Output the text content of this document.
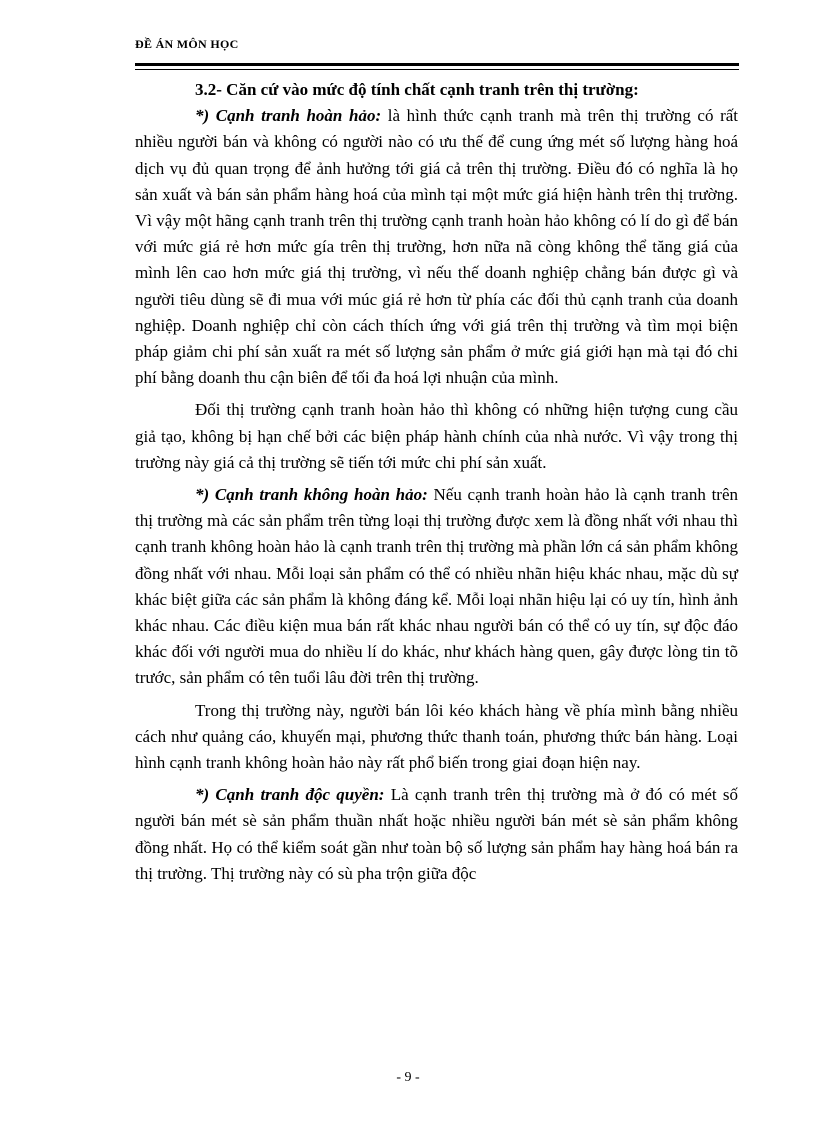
ĐỀ ÁN MÔN HỌC
3.2- Căn cứ vào mức độ tính chất cạnh tranh trên thị trường:

*) Cạnh tranh hoàn hảo: là hình thức cạnh tranh mà trên thị trường có rất nhiều người bán và không có người nào có ưu thế để cung ứng mét số lượng hàng hoá dịch vụ đủ quan trọng để ảnh hưởng tới giá cả trên thị trường. Điều đó có nghĩa là họ sản xuất và bán sản phẩm hàng hoá của mình tại một mức giá hiện hành trên thị trường. Vì vậy một hãng cạnh tranh trên thị trường cạnh tranh hoàn hảo không có lí do gì để bán với mức giá rẻ hơn mức gía trên thị trường, hơn nữa nã còng không thể tăng giá của mình lên cao hơn mức giá thị trường, vì nếu thế doanh nghiệp chẳng bán được gì và người tiêu dùng sẽ đi mua với múc giá rẻ hơn từ phía các đối thủ cạnh tranh của doanh nghiệp. Doanh nghiệp chỉ còn cách thích ứng với giá trên thị trường và tìm mọi biện pháp giảm chi phí sản xuất ra mét số lượng sản phẩm ở mức giá giới hạn mà tại đó chi phí bằng doanh thu cận biên để tối đa hoá lợi nhuận của mình.

Đối thị trường cạnh tranh hoàn hảo thì không có những hiện tượng cung cầu giả tạo, không bị hạn chế bởi các biện pháp hành chính của nhà nước. Vì vậy trong thị trường này giá cả thị trường sẽ tiến tới mức chi phí sản xuất.

*) Cạnh tranh không hoàn hảo: Nếu cạnh tranh hoàn hảo là cạnh tranh trên thị trường mà các sản phẩm trên từng loại thị trường được xem là đồng nhất với nhau thì cạnh tranh không hoàn hảo là cạnh tranh trên thị trường mà phần lớn cá sản phẩm không đồng nhất với nhau. Mỗi loại sản phẩm có thể có nhiều nhãn hiệu khác nhau, mặc dù sự khác biệt giữa các sản phẩm là không đáng kể. Mỗi loại nhãn hiệu lại có uy tín, hình ảnh khác nhau. Các điều kiện mua bán rất khác nhau người bán có thể có uy tín, sự độc đáo khác đối với người mua do nhiều lí do khác, như khách hàng quen, gây được lòng tin tõ trước, sản phẩm có tên tuổi lâu đời trên thị trường.

Trong thị trường này, người bán lôi kéo khách hàng về phía mình bằng nhiều cách như quảng cáo, khuyến mại, phương thức thanh toán, phương thức bán hàng. Loại hình cạnh tranh không hoàn hảo này rất phổ biến trong giai đoạn hiện nay.

*) Cạnh tranh độc quyền: Là cạnh tranh trên thị trường mà ở đó có mét số người bán mét sè sản phẩm thuần nhất hoặc nhiều người bán mét sè sản phẩm không đồng nhất. Họ có thể kiểm soát gần như toàn bộ số lượng sản phẩm hay hàng hoá bán ra thị trường. Thị trường này có sù pha trộn giữa độc

- 9 -
